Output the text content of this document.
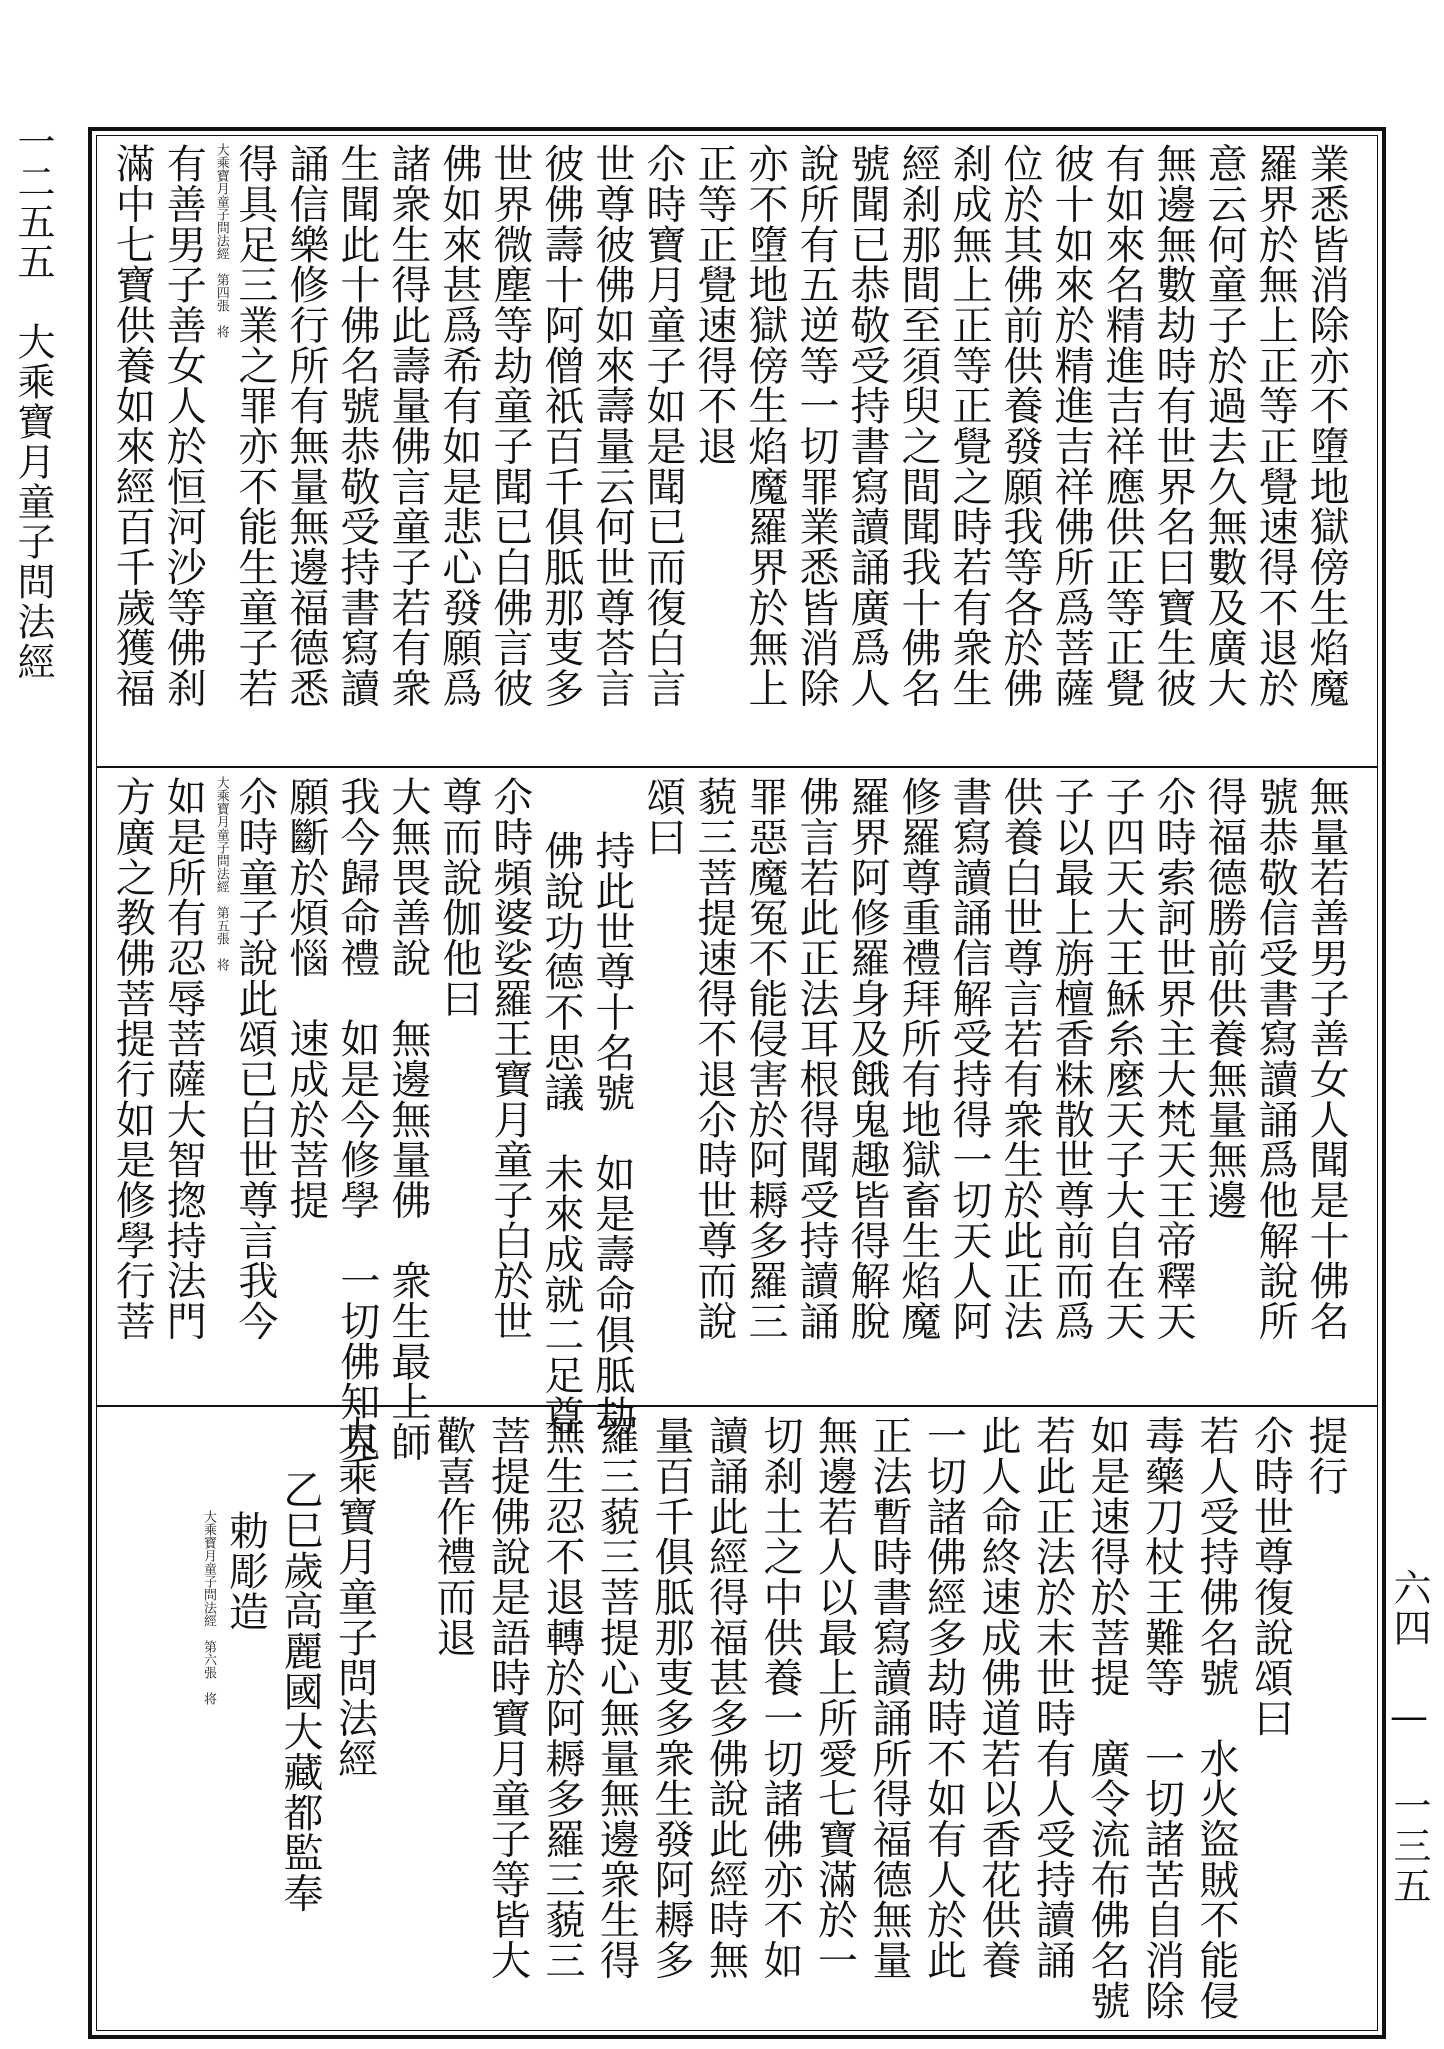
一二五五　大乘寶月童子問法經
六四 — 一三五
業悉皆消除亦不墮地獄傍生焰魔
羅界於無上正等正覺速得不退於
意云何童子於過去久無數及廣大
無邊無數劫時有世界名曰寶生彼
有如來名精進吉祥應供正等正覺
彼十如來於精進吉祥佛所爲菩薩
位於其佛前供養發願我等各於佛
刹成無上正等正覺之時若有衆生
經刹那間至須臾之間聞我十佛名
號聞已恭敬受持書寫讀誦廣爲人
說所有五逆等一切罪業悉皆消除
亦不墮地獄傍生焰魔羅界於無上
正等正覺速得不退
尒時寶月童子如是聞已而復白言
世尊彼佛如來壽量云何世尊荅言
彼佛壽十阿僧祇百千俱胝那叓多
世界微塵等劫童子聞已白佛言彼
佛如來甚爲希有如是悲心發願爲
諸衆生得此壽量佛言童子若有衆
生聞此十佛名號恭敬受持書寫讀
誦信樂修行所有無量無邊福德悉
得具足三業之罪亦不能生童子若
大乘寶月童子問法經　第四張　将
有善男子善女人於恒河沙等佛刹
滿中七寶供養如來經百千歲獲福
無量若善男子善女人聞是十佛名
號恭敬信受書寫讀誦爲他解說所
得福德勝前供養無量無邊
尒時索訶世界主大梵天王帝釋天
子四天大王穌糸麼天子大自在天
子以最上旃檀香粖散世尊前而爲
供養白世尊言若有衆生於此正法
書寫讀誦信解受持得一切天人阿
修羅尊重禮拜所有地獄畜生焰魔
羅界阿修羅身及餓鬼趣皆得解脫
佛言若此正法耳根得聞受持讀誦
罪惡魔冤不能侵害於阿耨多羅三
藐三菩提速得不退尒時世尊而說
頌曰
持此世尊十名號　如是壽命俱胝劫
佛說功德不思議　未來成就二足尊
尒時頻婆娑羅王寶月童子白於世
尊而說伽他曰
大無畏善說　無邊無量佛　衆生最上師
我今歸命禮　如是今修學　一切佛知見
願斷於煩惱　速成於菩提
尒時童子說此頌已白世尊言我今
大乘寶月童子問法經　第五張　将
如是所有忍辱菩薩大智揔持法門
方廣之教佛菩提行如是修學行菩
提行
尒時世尊復說頌曰
若人受持佛名號　水火盜賊不能侵
毒藥刀杖王難等　一切諸苦自消除
如是速得於菩提　廣令流布佛名號
若此正法於末世時有人受持讀誦
此人命終速成佛道若以香花供養
一切諸佛經多劫時不如有人於此
正法暫時書寫讀誦所得福德無量
無邊若人以最上所愛七寶滿於一
切刹土之中供養一切諸佛亦不如
讀誦此經得福甚多佛說此經時無
量百千俱胝那叓多衆生發阿耨多
羅三藐三菩提心無量無邊衆生得
無生忍不退轉於阿耨多羅三藐三
菩提佛說是語時寶月童子等皆大
歡喜作禮而退
大乘寶月童子問法經
乙巳歲高麗國大藏都監奉
勅彫造
大乘寶月童子問法經　第六張　将
